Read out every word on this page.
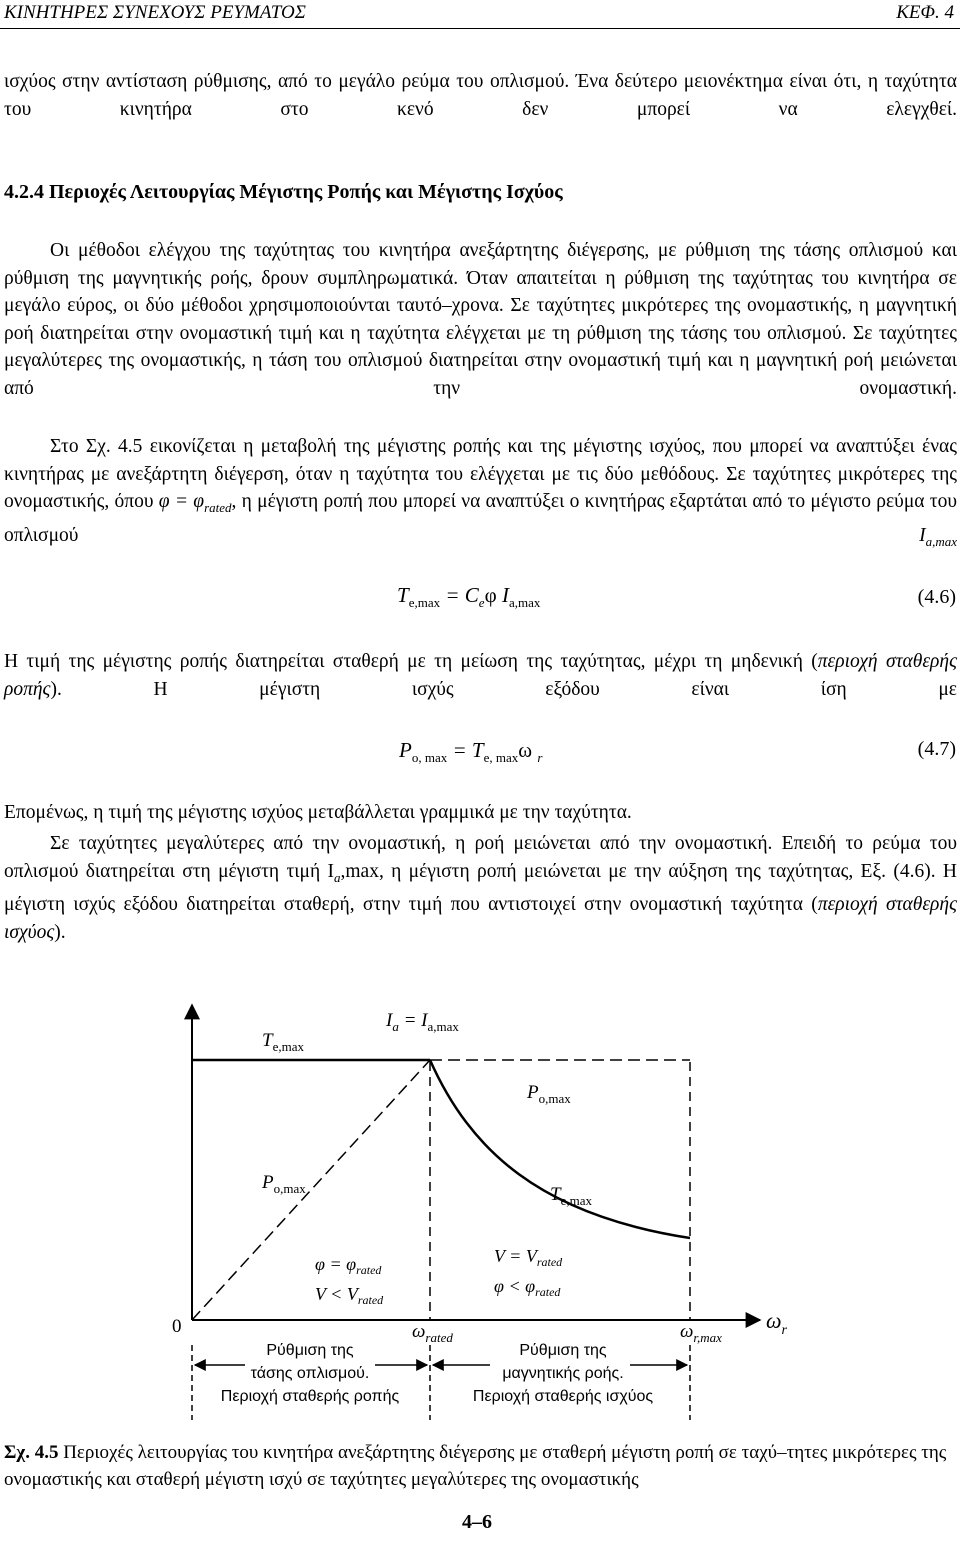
ΚΙΝΗΤΗΡΕΣ ΣΥΝΕΧΟΥΣ ΡΕΥΜΑΤΟΣ	ΚΕΦ. 4
ισχύος στην αντίσταση ρύθμισης, από το μεγάλο ρεύμα του οπλισμού. Ένα δεύτερο μειονέκτημα είναι ότι, η ταχύτητα του κινητήρα στο κενό δεν μπορεί να ελεγχθεί.
4.2.4 Περιοχές Λειτουργίας Μέγιστης Ροπής και Μέγιστης Ισχύος
Οι μέθοδοι ελέγχου της ταχύτητας του κινητήρα ανεξάρτητης διέγερσης, με ρύθμιση της τάσης οπλισμού και ρύθμιση της μαγνητικής ροής, δρουν συμπληρωματικά. Όταν απαιτείται η ρύθμιση της ταχύτητας του κινητήρα σε μεγάλο εύρος, οι δύο μέθοδοι χρησιμοποιούνται ταυτό–χρονα. Σε ταχύτητες μικρότερες της ονομαστικής, η μαγνητική ροή διατηρείται στην ονομαστική τιμή και η ταχύτητα ελέγχεται με τη ρύθμιση της τάσης του οπλισμού. Σε ταχύτητες μεγαλύτερες της ονομαστικής, η τάση του οπλισμού διατηρείται στην ονομαστική τιμή και η μαγνητική ροή μειώνεται από την ονομαστική.
Στο Σχ. 4.5 εικονίζεται η μεταβολή της μέγιστης ροπής και της μέγιστης ισχύος, που μπορεί να αναπτύξει ένας κινητήρας με ανεξάρτητη διέγερση, όταν η ταχύτητα του ελέγχεται με τις δύο μεθόδους. Σε ταχύτητες μικρότερες της ονομαστικής, όπου $\varphi = \varphi_{rated}$, η μέγιστη ροπή που μπορεί να αναπτύξει ο κινητήρας εξαρτάται από το μέγιστο ρεύμα του οπλισμού $I_{a,max}$
$T_{e,max} = C_e\varphi$ $I_{a,max}$	(4.6)
Η τιμή της μέγιστης ροπής διατηρείται σταθερή με τη μείωση της ταχύτητας, μέχρι τη μηδενική (περιοχή σταθερής ροπής). Η μέγιστη ισχύς εξόδου είναι ίση με
$P_{o, max} = T_{e, max}\omega$ $_r$	(4.7)
Επομένως, η τιμή της μέγιστης ισχύος μεταβάλλεται γραμμικά με την ταχύτητα.
Σε ταχύτητες μεγαλύτερες από την ονομαστική, η ροή μειώνεται από την ονομαστική. Επειδή το ρεύμα του οπλισμού διατηρείται στη μέγιστη τιμή $I_a,\max$, η μέγιστη ροπή μειώνεται με την αύξηση της ταχύτητας, Εξ. (4.6). Η μέγιστη ισχύς εξόδου διατηρείται σταθερή, στην τιμή που αντιστοιχεί στην ονομαστική ταχύτητα (περιοχή σταθερής ισχύος).
$I_a = I_{a,max}$
$T_{e,max}$
$P_{o,max}$
$P_{o,max}$	$T_{e,max}$
$\varphi = \varphi_{rated}$
$V < V_{rated}$
$V = V_{rated}$
$\varphi < \varphi_{rated}$
0	$\omega_{rated}$	$\omega_{r,max}$
$\omega_r$
Ρύθμιση της
τάσης οπλισμού.
Περιοχή σταθερής ροπής
Ρύθμιση της
μαγνητικής ροής.
Περιοχή σταθερής ισχύος
Σχ. 4.5 Περιοχές λειτουργίας του κινητήρα ανεξάρτητης διέγερσης με σταθερή μέγιστη ροπή σε ταχύ–τητες μικρότερες της ονομαστικής και σταθερή μέγιστη ισχύ σε ταχύτητες μεγαλύτερες της ονομαστικής
4–6
